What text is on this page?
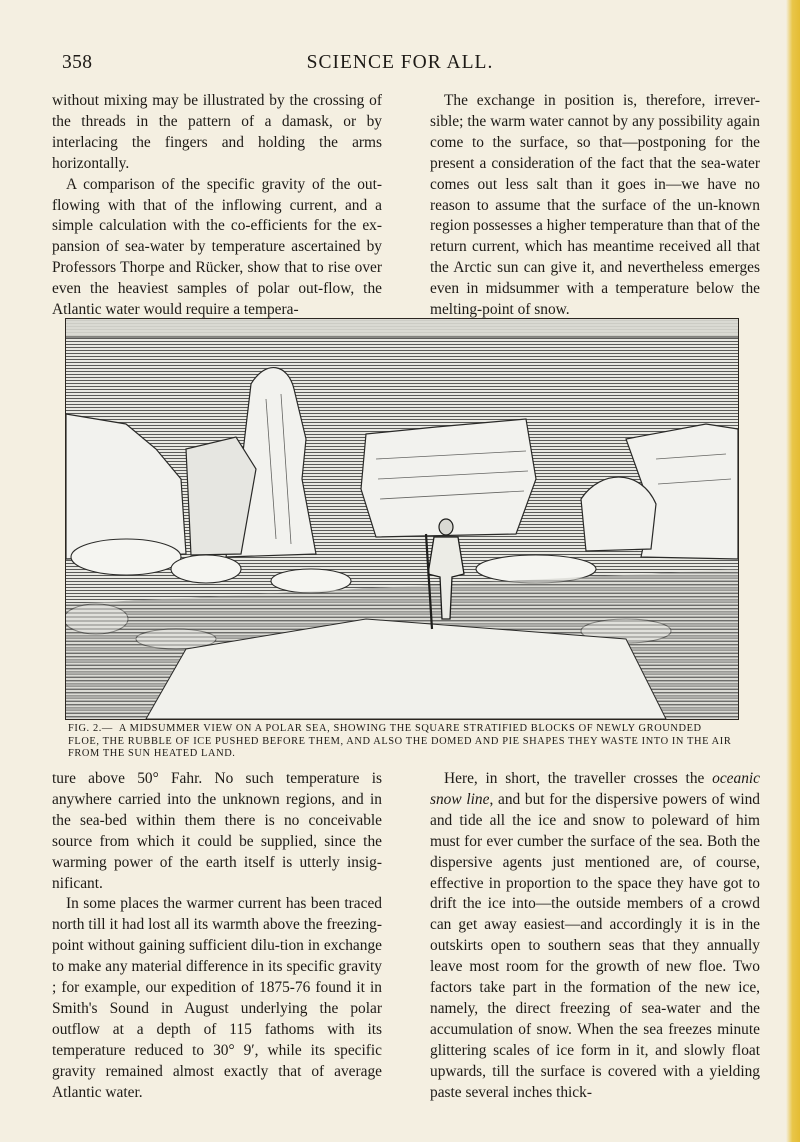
358	SCIENCE FOR ALL.

without mixing may be illustrated by the crossing of the threads in the pattern of a damask, or by interlacing the fingers and holding the arms horizontally.

A comparison of the specific gravity of the out-flowing with that of the inflowing current, and a simple calculation with the co-efficients for the ex-pansion of sea-water by temperature ascertained by Professors Thorpe and Rücker, show that to rise over even the heaviest samples of polar out-flow, the Atlantic water would require a tempera-

The exchange in position is, therefore, irrever-sible; the warm water cannot by any possibility again come to the surface, so that—postponing for the present a consideration of the fact that the sea-water comes out less salt than it goes in—we have no reason to assume that the surface of the un-known region possesses a higher temperature than that of the return current, which has meantime received all that the Arctic sun can give it, and nevertheless emerges even in midsummer with a temperature below the melting-point of snow.

FIG. 2.— A MIDSUMMER VIEW ON A POLAR SEA, SHOWING THE SQUARE STRATIFIED BLOCKS OF NEWLY GROUNDED FLOE, THE RUBBLE OF ICE PUSHED BEFORE THEM, AND ALSO THE DOMED AND PIE SHAPES THEY WASTE INTO IN THE AIR FROM THE SUN HEATED LAND.

ture above 50° Fahr. No such temperature is anywhere carried into the unknown regions, and in the sea-bed within them there is no conceivable source from which it could be supplied, since the warming power of the earth itself is utterly insig-nificant.

In some places the warmer current has been traced north till it had lost all its warmth above the freezing-point without gaining sufficient dilu-tion in exchange to make any material difference in its specific gravity ; for example, our expedition of 1875-76 found it in Smith's Sound in August underlying the polar outflow at a depth of 115 fathoms with its temperature reduced to 30° 9′, while its specific gravity remained almost exactly that of average Atlantic water.

Here, in short, the traveller crosses the oceanic snow line, and but for the dispersive powers of wind and tide all the ice and snow to poleward of him must for ever cumber the surface of the sea. Both the dispersive agents just mentioned are, of course, effective in proportion to the space they have got to drift the ice into—the outside members of a crowd can get away easiest—and accordingly it is in the outskirts open to southern seas that they annually leave most room for the growth of new floe. Two factors take part in the formation of the new ice, namely, the direct freezing of sea-water and the accumulation of snow. When the sea freezes minute glittering scales of ice form in it, and slowly float upwards, till the surface is covered with a yielding paste several inches thick-
